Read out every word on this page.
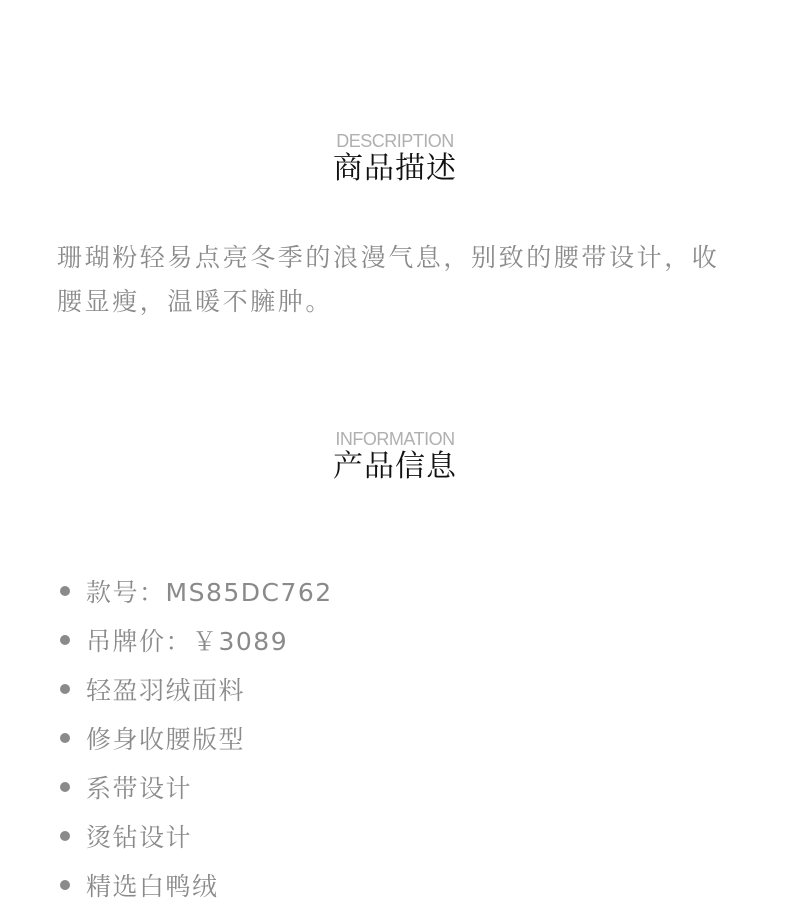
DESCRIPTION
商品描述

珊瑚粉轻易点亮冬季的浪漫气息，别致的腰带设计，收腰显瘦，温暖不臃肿。

INFORMATION
产品信息
款号：MS85DC762
吊牌价：￥3089
轻盈羽绒面料
修身收腰版型
系带设计
烫钻设计
精选白鸭绒
